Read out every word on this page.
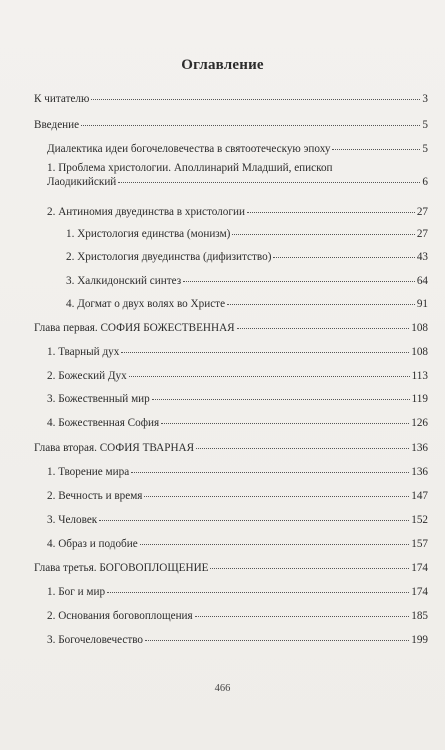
Оглавление
К читателю	3
Введение	5
Диалектика идеи богочеловечества в святоотеческую эпоху	5
1. Проблема христологии. Аполлинарий Младший, епископ
Лаодикийский	6
2. Антиномия двуединства в христологии	27
1. Христология единства (монизм)	27
2. Христология двуединства (дифизитство)	43
3. Халкидонский синтез	64
4. Догмат о двух волях во Христе	91
Глава первая. СОФИЯ БОЖЕСТВЕННАЯ	108
1. Тварный дух	108
2. Божеский Дух	113
3. Божественный мир	119
4. Божественная София	126
Глава вторая. СОФИЯ ТВАРНАЯ	136
1. Творение мира	136
2. Вечность и время	147
3. Человек	152
4. Образ и подобие	157
Глава третья. БОГОВОПЛОЩЕНИЕ	174
1. Бог и мир	174
2. Основания боговоплощения	185
3. Богочеловечество	199
466
